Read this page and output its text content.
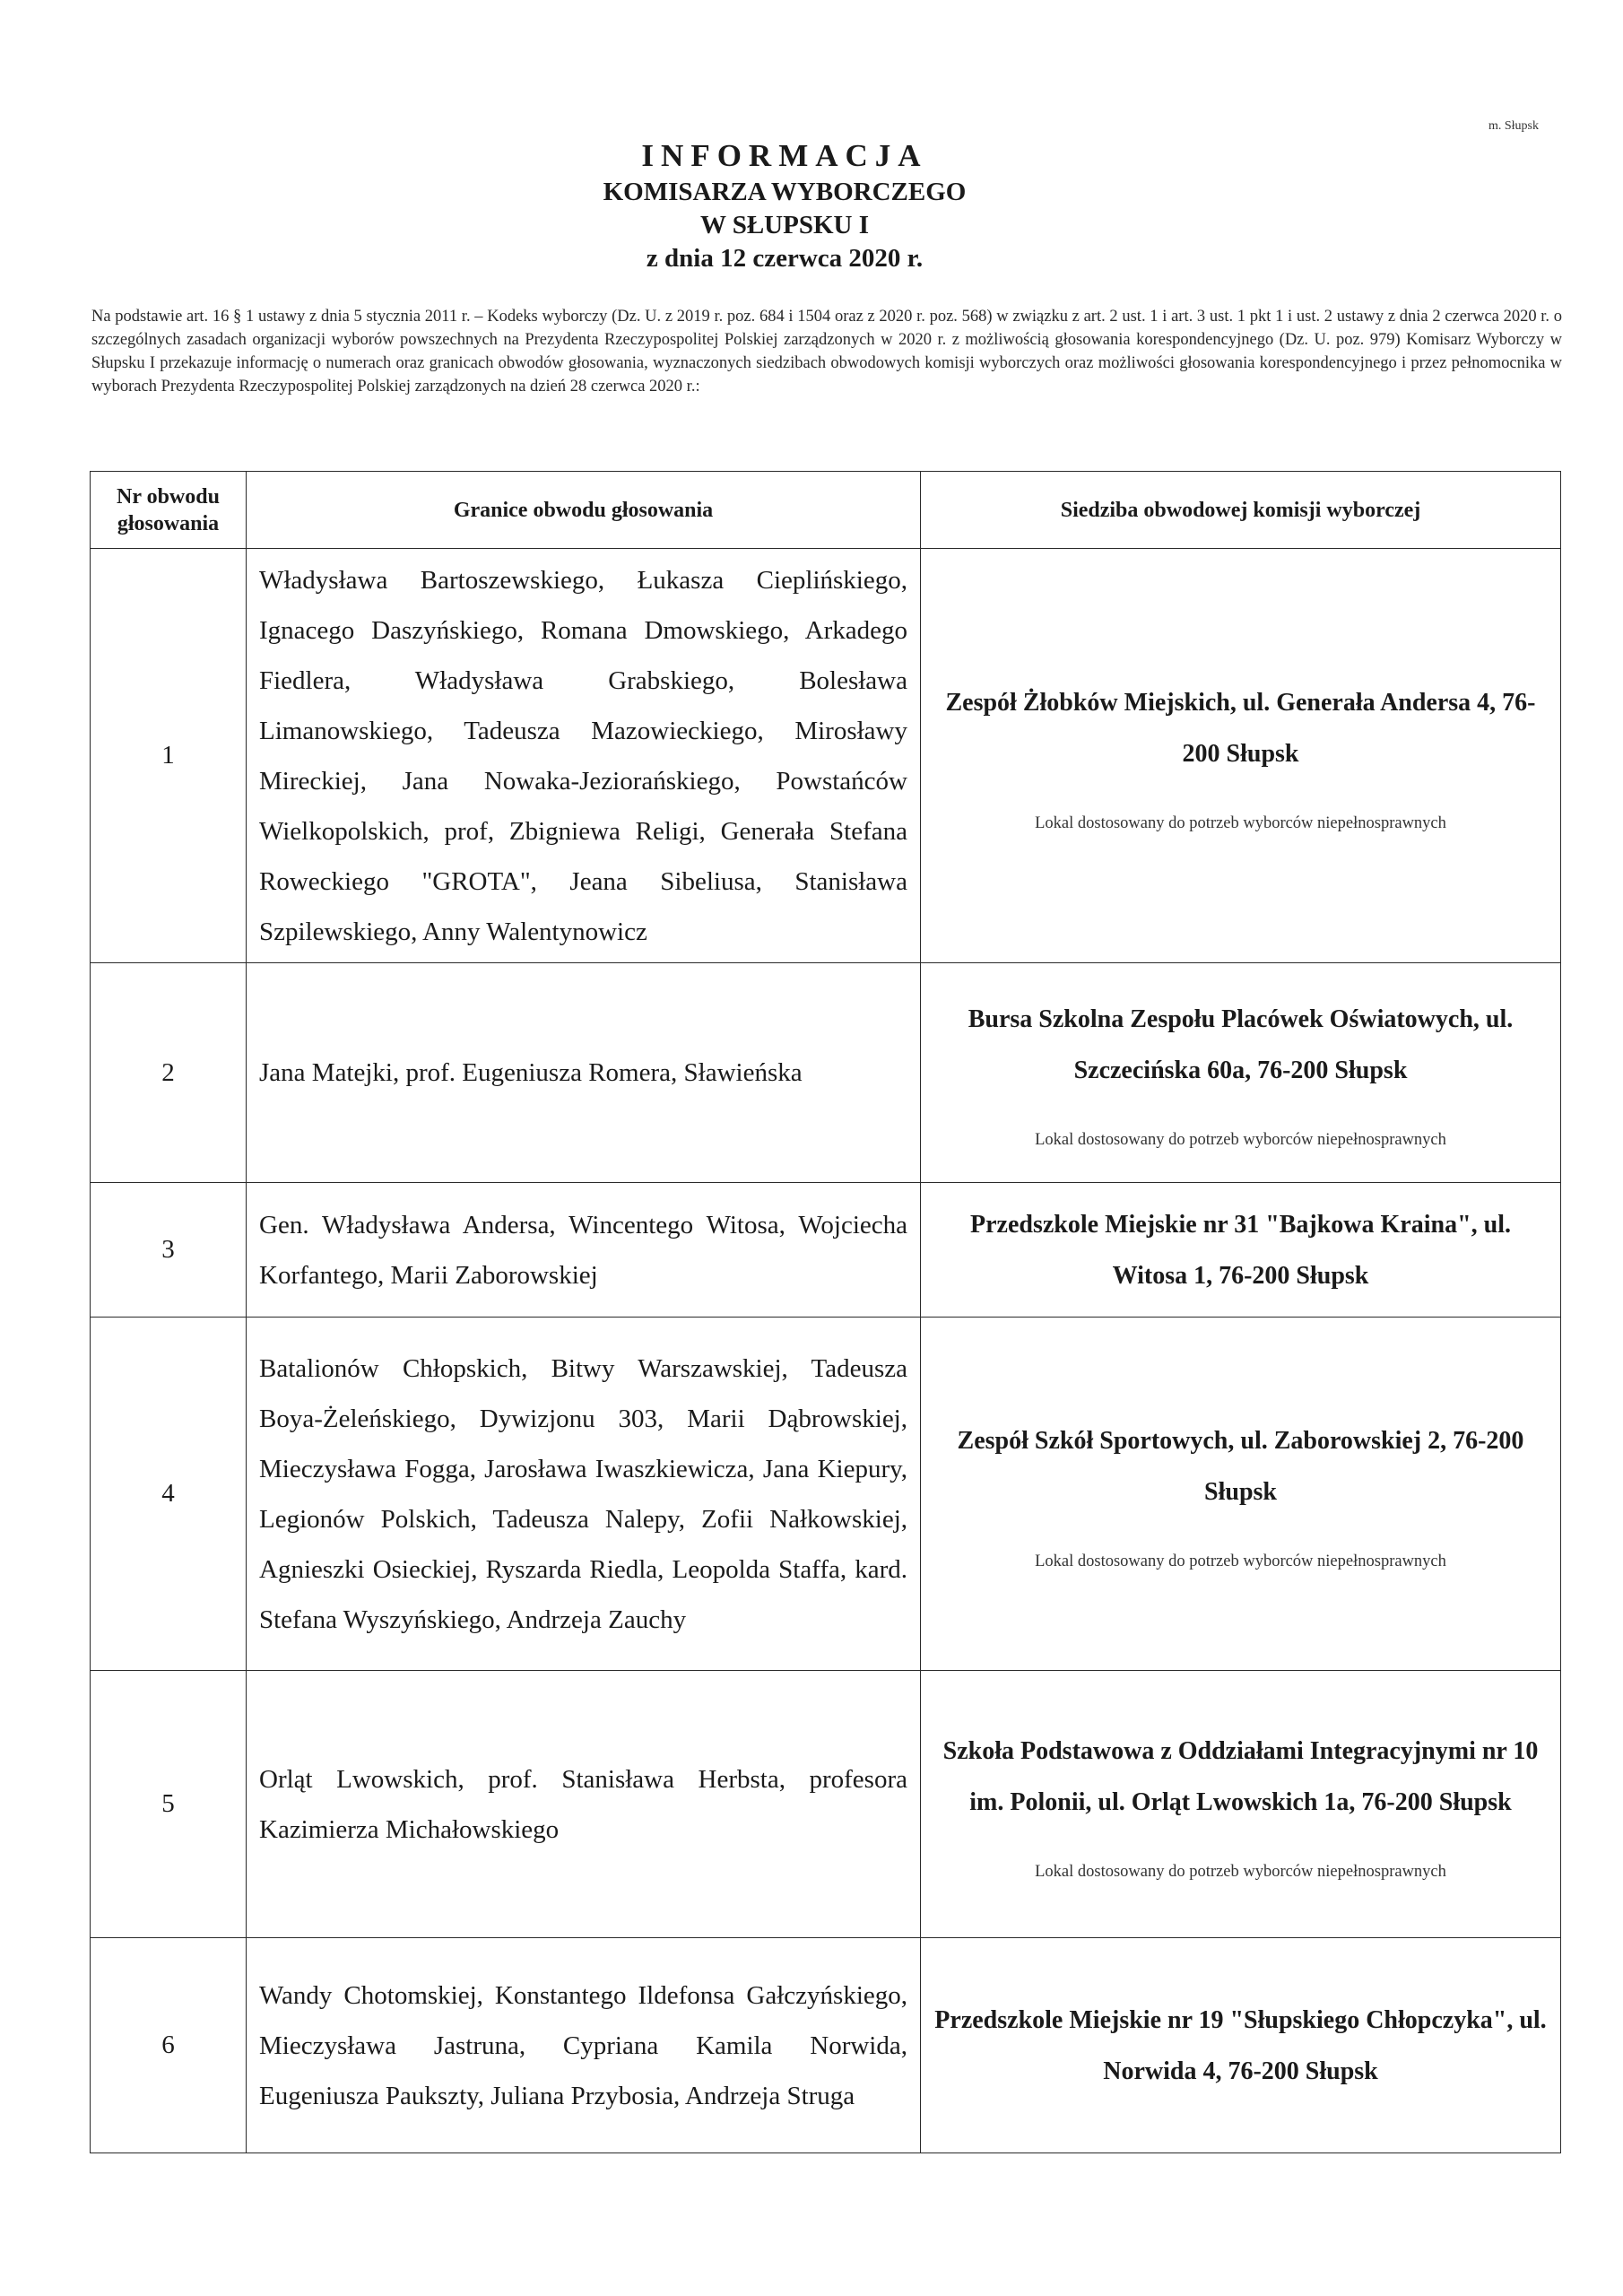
m. Słupsk
INFORMACJA
KOMISARZA WYBORCZEGO
W SŁUPSKU I
z dnia 12 czerwca 2020 r.
Na podstawie art. 16 § 1 ustawy z dnia 5 stycznia 2011 r. – Kodeks wyborczy (Dz. U. z 2019 r. poz. 684 i 1504 oraz z 2020 r. poz. 568) w związku z art. 2 ust. 1 i art. 3 ust. 1 pkt 1 i ust. 2 ustawy z dnia 2 czerwca 2020 r. o szczególnych zasadach organizacji wyborów powszechnych na Prezydenta Rzeczypospolitej Polskiej zarządzonych w 2020 r. z możliwością głosowania korespondencyjnego (Dz. U. poz. 979) Komisarz Wyborczy w Słupsku I przekazuje informację o numerach oraz granicach obwodów głosowania, wyznaczonych siedzibach obwodowych komisji wyborczych oraz możliwości głosowania korespondencyjnego i przez pełnomocnika w wyborach Prezydenta Rzeczypospolitej Polskiej zarządzonych na dzień 28 czerwca 2020 r.:
Nr obwodu głosowania	Granice obwodu głosowania	Siedziba obwodowej komisji wyborczej
1	Władysława Bartoszewskiego, Łukasza Cieplińskiego, Ignacego Daszyńskiego, Romana Dmowskiego, Arkadego Fiedlera, Władysława Grabskiego, Bolesława Limanowskiego, Tadeusza Mazowieckiego, Mirosławy Mireckiej, Jana Nowaka-Jeziorańskiego, Powstańców Wielkopolskich, prof, Zbigniewa Religi, Generała Stefana Roweckiego "GROTA", Jeana Sibeliusa, Stanisława Szpilewskiego, Anny Walentynowicz	Zespół Żłobków Miejskich, ul. Generała Andersa 4, 76-200 Słupsk
Lokal dostosowany do potrzeb wyborców niepełnosprawnych

2	Jana Matejki, prof. Eugeniusza Romera, Sławieńska	Bursa Szkolna Zespołu Placówek Oświatowych, ul. Szczecińska 60a, 76-200 Słupsk
Lokal dostosowany do potrzeb wyborców niepełnosprawnych

3	Gen. Władysława Andersa, Wincentego Witosa, Wojciecha Korfantego, Marii Zaborowskiej	Przedszkole Miejskie nr 31 "Bajkowa Kraina", ul. Witosa 1, 76-200 Słupsk

4	Batalionów Chłopskich, Bitwy Warszawskiej, Tadeusza Boya-Żeleńskiego, Dywizjonu 303, Marii Dąbrowskiej, Mieczysława Fogga, Jarosława Iwaszkiewicza, Jana Kiepury, Legionów Polskich, Tadeusza Nalepy, Zofii Nałkowskiej, Agnieszki Osieckiej, Ryszarda Riedla, Leopolda Staffa, kard. Stefana Wyszyńskiego, Andrzeja Zauchy	Zespół Szkół Sportowych, ul. Zaborowskiej 2, 76-200 Słupsk
Lokal dostosowany do potrzeb wyborców niepełnosprawnych

5	Orląt Lwowskich, prof. Stanisława Herbsta, profesora Kazimierza Michałowskiego	Szkoła Podstawowa z Oddziałami Integracyjnymi nr 10 im. Polonii, ul. Orląt Lwowskich 1a, 76-200 Słupsk
Lokal dostosowany do potrzeb wyborców niepełnosprawnych

6	Wandy Chotomskiej, Konstantego Ildefonsa Gałczyńskiego, Mieczysława Jastruna, Cypriana Kamila Norwida, Eugeniusza Paukszty, Juliana Przybosia, Andrzeja Struga	Przedszkole Miejskie nr 19 "Słupskiego Chłopczyka", ul. Norwida 4, 76-200 Słupsk
